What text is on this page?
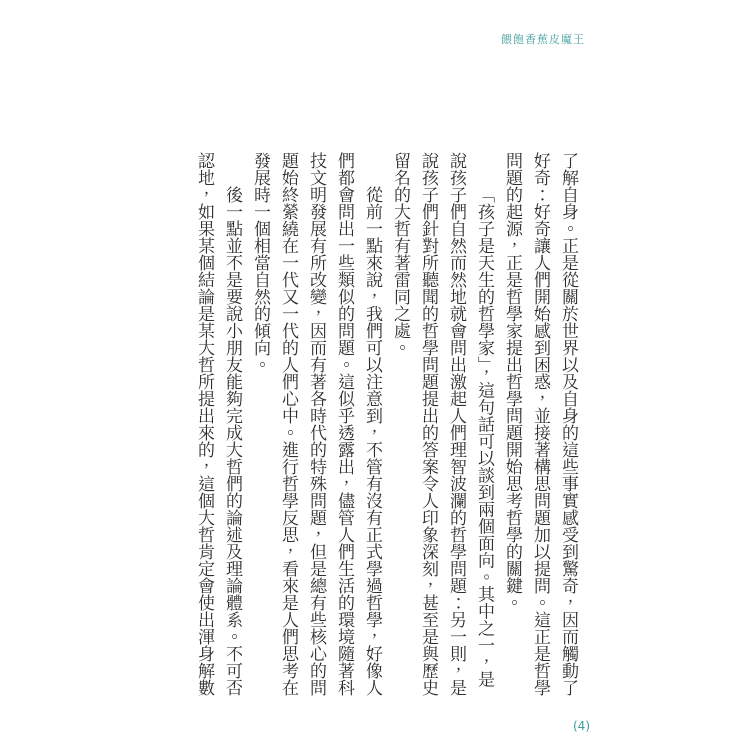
餵飽香蕉皮魔王

了解自身。正是從關於世界以及自身的這些事實感受到驚奇，因而觸動了好奇：好奇讓人們開始感到困惑，並接著構思問題加以提問。這正是哲學問題的起源，正是哲學家提出哲學問題開始思考哲學的關鍵。

「孩子是天生的哲學家」，這句話可以談到兩個面向。其中之一，是說孩子們自然而然地就會問出激起人們理智波瀾的哲學問題：另一則，是說孩子們針對所聽聞的哲學問題提出的答案令人印象深刻，甚至是與歷史留名的大哲有著雷同之處。

從前一點來說，我們可以注意到，不管有沒有正式學過哲學，好像人們都會問出一些類似的問題。這似乎透露出，儘管人們生活的環境隨著科技文明發展有所改變，因而有著各時代的特殊問題，但是總有些核心的問題始終縈繞在一代又一代的人們心中。進行哲學反思，看來是人們思考在發展時一個相當自然的傾向。

後一點並不是要說小朋友能夠完成大哲們的論述及理論體系。不可否認地，如果某個結論是某大哲所提出來的，這個大哲肯定會使出渾身解數

(4)
